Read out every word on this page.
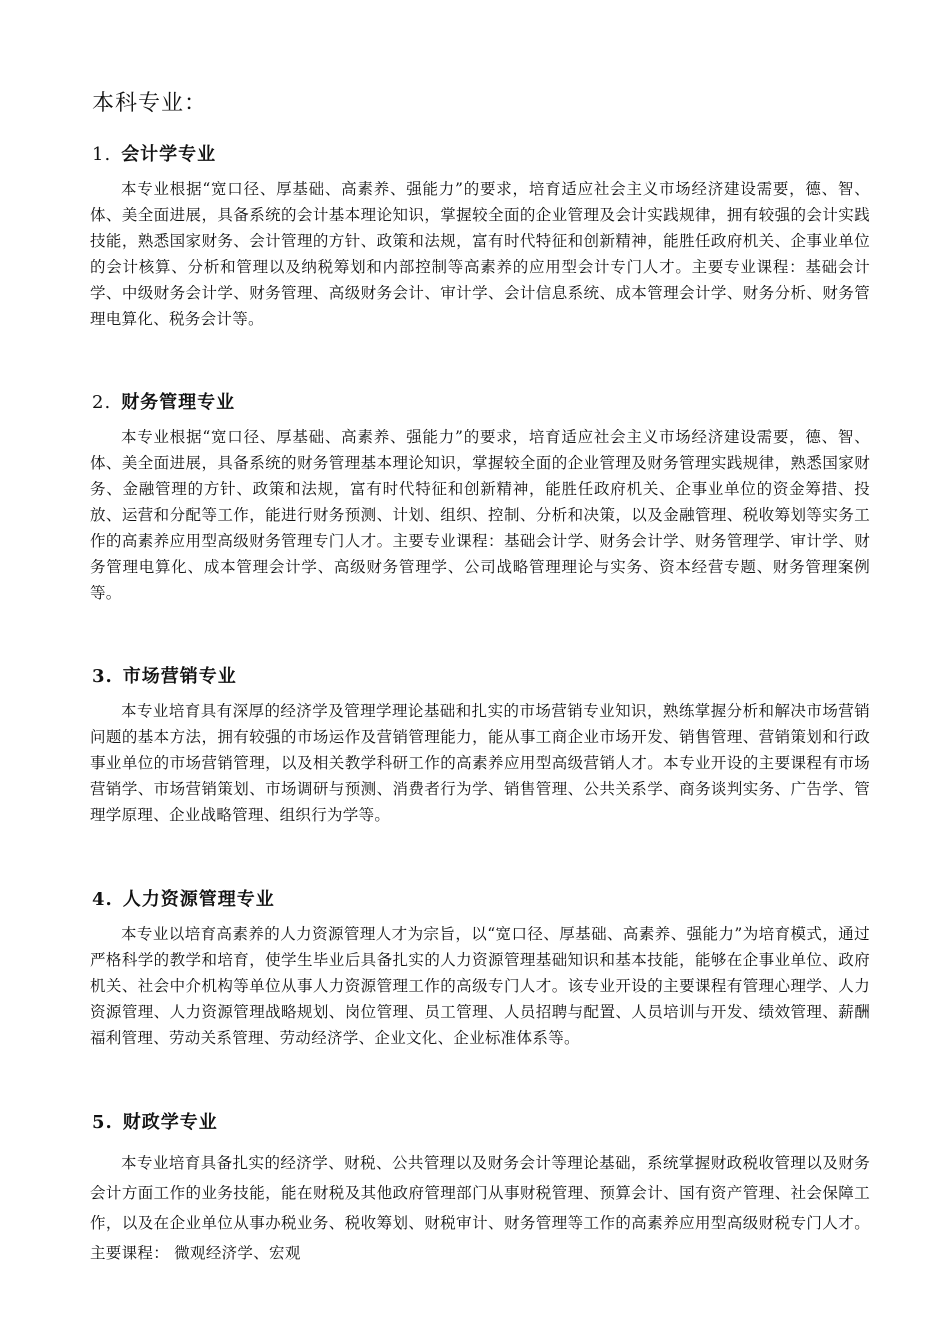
本科专业：
1. 会计学专业

本专业根据“宽口径、厚基础、高素养、强能力”的要求，培育适应社会主义市场经济建设需要，德、智、体、美全面进展，具备系统的会计基本理论知识，掌握较全面的企业管理及会计实践规律，拥有较强的会计实践技能，熟悉国家财务、会计管理的方针、政策和法规，富有时代特征和创新精神，能胜任政府机关、企事业单位的会计核算、分析和管理以及纳税筹划和内部控制等高素养的应用型会计专门人才。主要专业课程：基础会计学、中级财务会计学、财务管理、高级财务会计、审计学、会计信息系统、成本管理会计学、财务分析、财务管理电算化、税务会计等。

2. 财务管理专业

本专业根据“宽口径、厚基础、高素养、强能力”的要求，培育适应社会主义市场经济建设需要，德、智、体、美全面进展，具备系统的财务管理基本理论知识，掌握较全面的企业管理及财务管理实践规律，熟悉国家财务、金融管理的方针、政策和法规，富有时代特征和创新精神，能胜任政府机关、企事业单位的资金筹措、投放、运营和分配等工作，能进行财务预测、计划、组织、控制、分析和决策，以及金融管理、税收筹划等实务工作的高素养应用型高级财务管理专门人才。主要专业课程：基础会计学、财务会计学、财务管理学、审计学、财务管理电算化、成本管理会计学、高级财务管理学、公司战略管理理论与实务、资本经营专题、财务管理案例等。

3. 市场营销专业

本专业培育具有深厚的经济学及管理学理论基础和扎实的市场营销专业知识，熟练掌握分析和解决市场营销问题的基本方法，拥有较强的市场运作及营销管理能力，能从事工商企业市场开发、销售管理、营销策划和行政事业单位的市场营销管理，以及相关教学科研工作的高素养应用型高级营销人才。本专业开设的主要课程有市场营销学、市场营销策划、市场调研与预测、消费者行为学、销售管理、公共关系学、商务谈判实务、广告学、管理学原理、企业战略管理、组织行为学等。

4. 人力资源管理专业

本专业以培育高素养的人力资源管理人才为宗旨，以“宽口径、厚基础、高素养、强能力”为培育模式，通过严格科学的教学和培育，使学生毕业后具备扎实的人力资源管理基础知识和基本技能，能够在企事业单位、政府机关、社会中介机构等单位从事人力资源管理工作的高级专门人才。该专业开设的主要课程有管理心理学、人力资源管理、人力资源管理战略规划、岗位管理、员工管理、人员招聘与配置、人员培训与开发、绩效管理、薪酬福利管理、劳动关系管理、劳动经济学、企业文化、企业标准体系等。

5. 财政学专业

本专业培育具备扎实的经济学、财税、公共管理以及财务会计等理论基础，系统掌握财政税收管理以及财务会计方面工作的业务技能，能在财税及其他政府管理部门从事财税管理、预算会计、国有资产管理、社会保障工作，以及在企业单位从事办税业务、税收筹划、财税审计、财务管理等工作的高素养应用型高级财税专门人才。主要课程： 微观经济学、宏观
